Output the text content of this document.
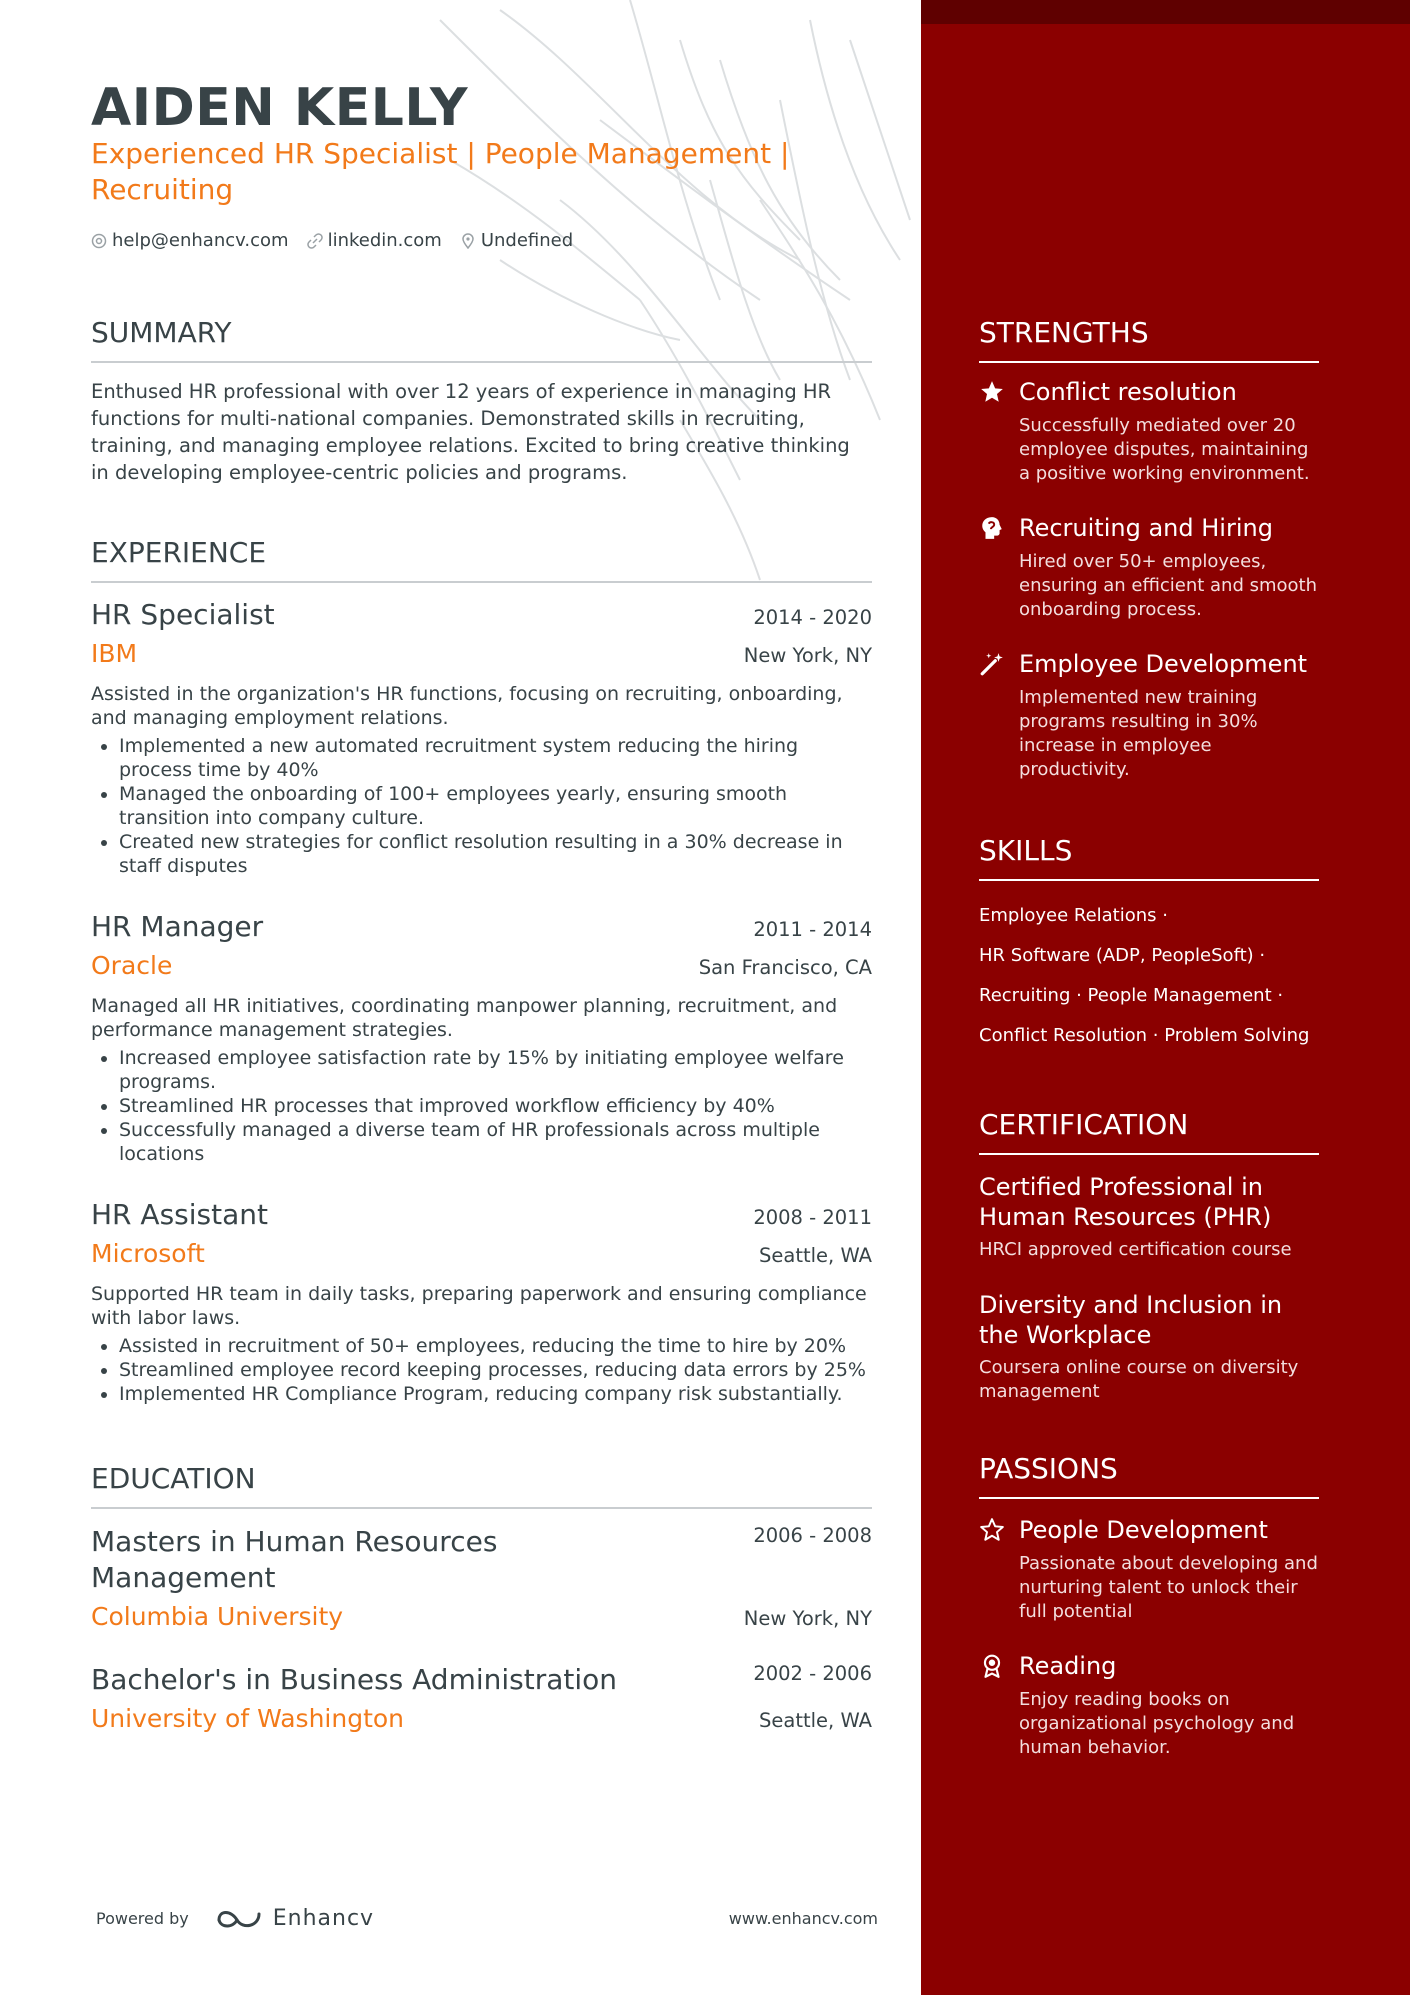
AIDEN KELLY

Experienced HR Specialist | People Management | Recruiting

help@enhancv.com linkedin.com Undefined
SUMMARY

Enthused HR professional with over 12 years of experience in managing HR functions for multi-national companies. Demonstrated skills in recruiting, training, and managing employee relations. Excited to bring creative thinking in developing employee-centric policies and programs.

EXPERIENCE
HR Specialist	2014 - 2020
IBM	New York, NY

Assisted in the organization's HR functions, focusing on recruiting, onboarding, and managing employment relations.

• Implemented a new automated recruitment system reducing the hiring process time by 40%
• Managed the onboarding of 100+ employees yearly, ensuring smooth transition into company culture.
• Created new strategies for conflict resolution resulting in a 30% decrease in staff disputes
HR Manager	2011 - 2014
Oracle	San Francisco, CA

Managed all HR initiatives, coordinating manpower planning, recruitment, and performance management strategies.

• Increased employee satisfaction rate by 15% by initiating employee welfare programs.
• Streamlined HR processes that improved workflow efficiency by 40%
• Successfully managed a diverse team of HR professionals across multiple locations
HR Assistant	2008 - 2011
Microsoft	Seattle, WA

Supported HR team in daily tasks, preparing paperwork and ensuring compliance with labor laws.

• Assisted in recruitment of 50+ employees, reducing the time to hire by 20%
• Streamlined employee record keeping processes, reducing data errors by 25%
• Implemented HR Compliance Program, reducing company risk substantially.
EDUCATION
Masters in Human Resources Management
2006 - 2008
Columbia University	New York, NY
Bachelor's in Business Administration	2002 - 2006
University of Washington	Seattle, WA
Powered by	Enhancv	www.enhancv.com
STRENGTHS
Conflict resolution
Successfully mediated over 20 employee disputes, maintaining a positive working environment.
Recruiting and Hiring
Hired over 50+ employees, ensuring an efficient and smooth onboarding process.
Employee Development
Implemented new training programs resulting in 30% increase in employee productivity.
SKILLS
Employee Relations ·
HR Software (ADP, PeopleSoft) ·
Recruiting · People Management ·
Conflict Resolution · Problem Solving
CERTIFICATION
Certified Professional in Human Resources (PHR)
HRCI approved certification course
Diversity and Inclusion in the Workplace
Coursera online course on diversity management
PASSIONS
People Development
Passionate about developing and nurturing talent to unlock their full potential
Reading
Enjoy reading books on organizational psychology and human behavior.
